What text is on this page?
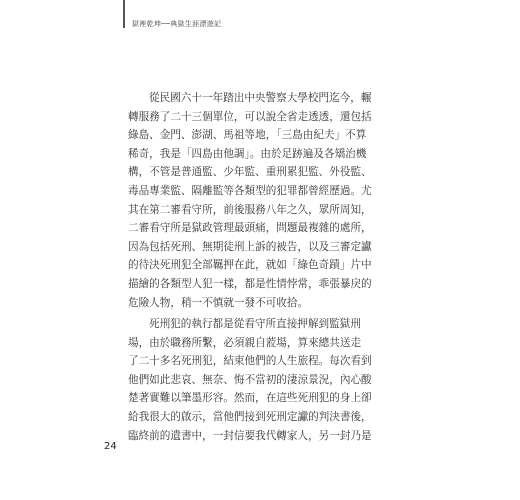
獄裡乾坤──典獄生涯漂遊記
從民國六十一年踏出中央警察大學校門迄今，輾
轉服務了二十三個單位，可以說全省走透透，還包括
綠島、金門、澎湖、馬祖等地，「三島由紀夫」不算
稀奇，我是「四島由他調」。由於足跡遍及各矯治機
構，不管是普通監、少年監、重刑累犯監、外役監、
毒品專業監、隔離監等各類型的犯罪都曾經歷過。尤
其在第二審看守所，前後服務八年之久，眾所周知，
二審看守所是獄政管理最頭痛，問題最複雜的處所，
因為包括死刑、無期徒刑上訴的被告，以及三審定讞
的待決死刑犯全部羈押在此，就如「綠色奇蹟」片中
描繪的各類型人犯一樣，都是性情悖常，乖張暴戾的
危險人物，稍一不慎就一發不可收拾。
死刑犯的執行都是從看守所直接押解到監獄刑
場，由於職務所繫，必須親自蒞場，算來總共送走
了二十多名死刑犯，結束他們的人生旅程。每次看到
他們如此悲哀、無奈、悔不當初的淒涼景況，內心酸
楚著實難以筆墨形容。然而，在這些死刑犯的身上卻
給我很大的啟示，當他們接到死刑定讞的判決書後，
臨終前的遺書中，一封信要我代轉家人，另一封乃是
24
